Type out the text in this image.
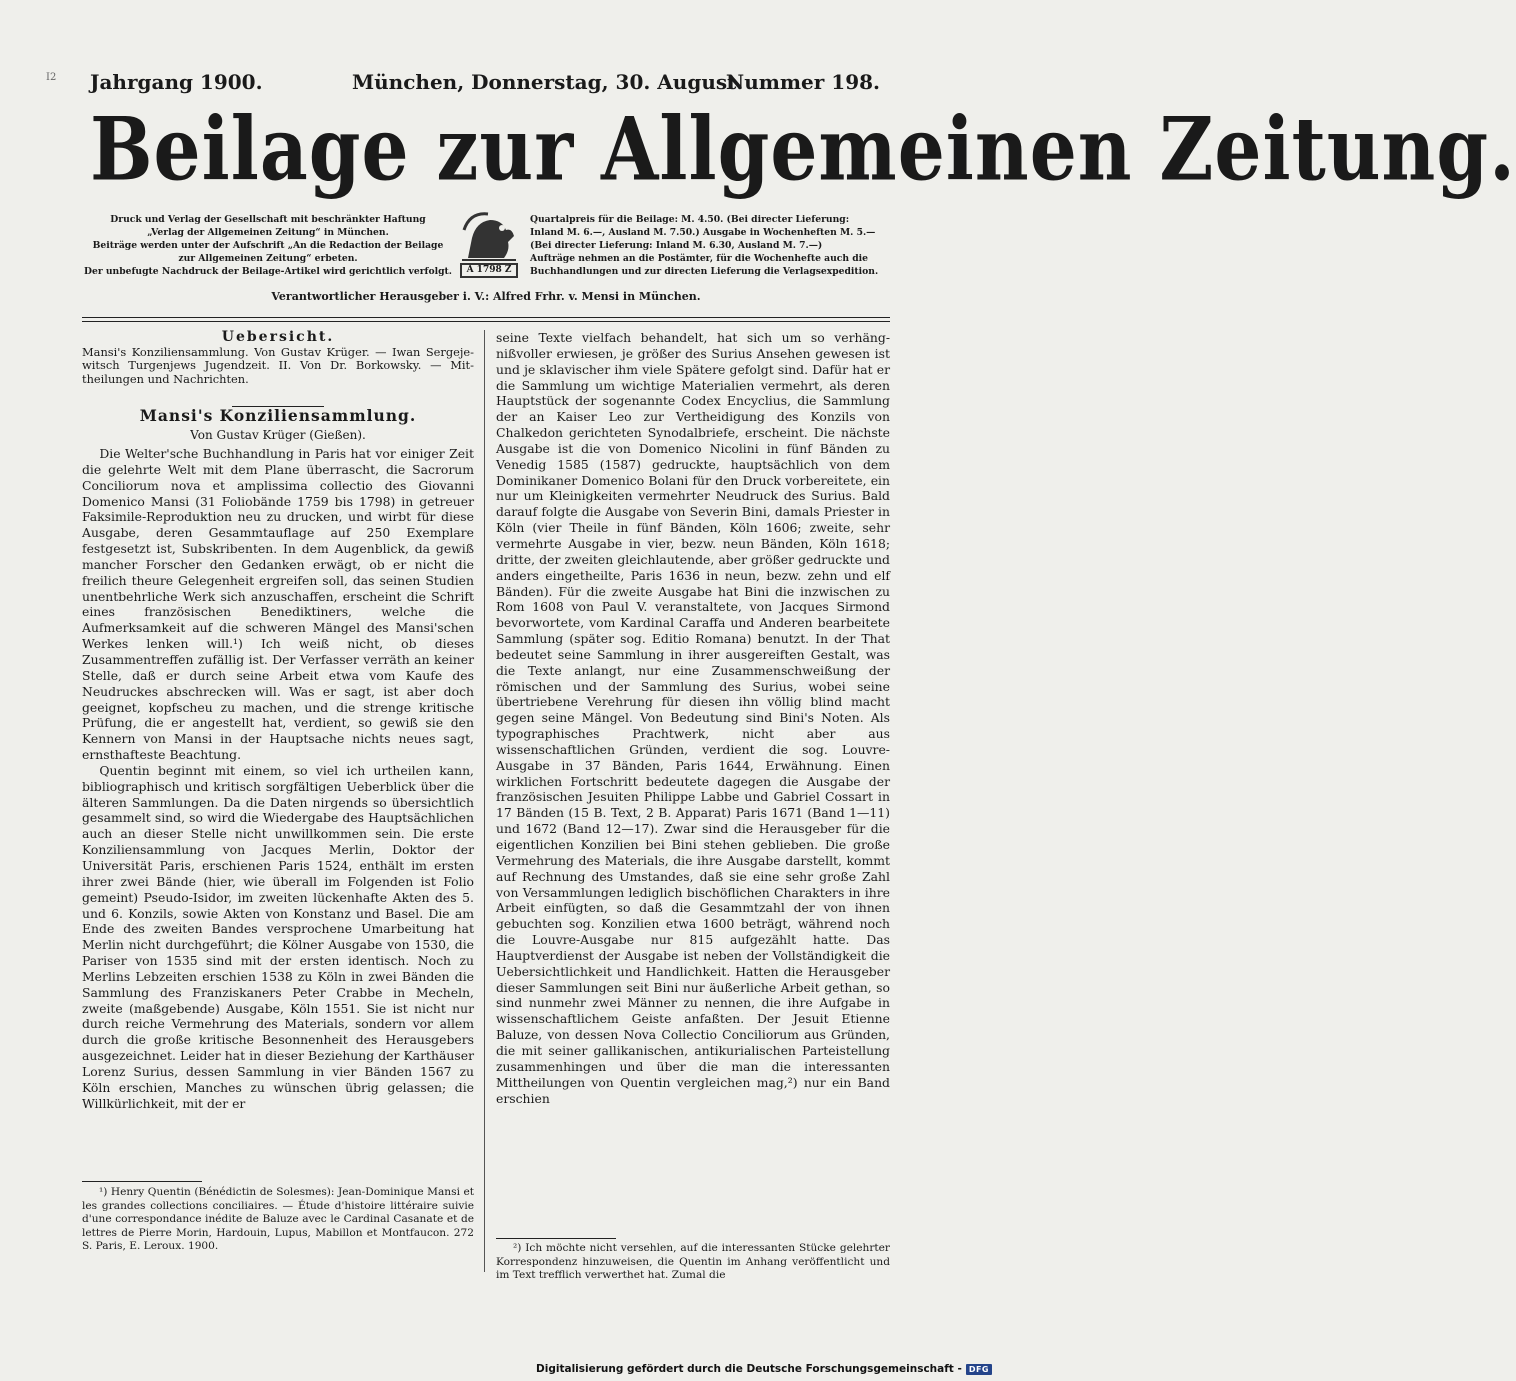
I2 Jahrgang 1900.	München, Donnerstag, 30. August.
Nummer 198.
Beilage zur Allgemeinen Zeitung.
Druck und Verlag der Gesellschaft mit beschränkter Haftung
„Verlag der Allgemeinen Zeitung“ in München.
Beiträge werden unter der Aufschrift „An die Redaction der Beilage
zur Allgemeinen Zeitung“ erbeten.
Der unbefugte Nachdruck der Beilage-Artikel wird gerichtlich verfolgt.	A 1798 Z
Quartalpreis für die Beilage: M. 4.50. (Bei directer Lieferung:
Inland M. 6.—, Ausland M. 7.50.) Ausgabe in Wochenheften M. 5.—
(Bei directer Lieferung: Inland M. 6.30, Ausland M. 7.—)
Aufträge nehmen an die Postämter, für die Wochenhefte auch die
Buchhandlungen und zur directen Lieferung die Verlagsexpedition.
Verantwortlicher Herausgeber i. V.: Alfred Frhr. v. Mensi in München.
Uebersicht.

Mansi's Konziliensammlung. Von Gustav Krüger. — Iwan Sergejewitsch Turgenjews Jugendzeit. II. Von Dr. Borkowsky. — Mittheilungen und Nachrichten.

Mansi's Konziliensammlung.
Von Gustav Krüger (Gießen).

Die Welter'sche Buchhandlung in Paris hat vor einiger Zeit die gelehrte Welt mit dem Plane überrascht, die Sacrorum Conciliorum nova et amplissima collectio des Giovanni Domenico Mansi (31 Foliobände 1759 bis 1798) in getreuer Faksimile-Reproduktion neu zu drucken, und wirbt für diese Ausgabe, deren Gesammtauflage auf 250 Exemplare festgesetzt ist, Subskribenten. In dem Augenblick, da gewiß mancher Forscher den Gedanken erwägt, ob er nicht die freilich theure Gelegenheit ergreifen soll, das seinen Studien unentbehrliche Werk sich anzuschaffen, erscheint die Schrift eines französischen Benediktiners, welche die Aufmerksamkeit auf die schweren Mängel des Mansi'schen Werkes lenken will.¹) Ich weiß nicht, ob dieses Zusammentreffen zufällig ist. Der Verfasser verräth an keiner Stelle, daß er durch seine Arbeit etwa vom Kaufe des Neudruckes abschrecken will. Was er sagt, ist aber doch geeignet, kopfscheu zu machen, und die strenge kritische Prüfung, die er angestellt hat, verdient, so gewiß sie den Kennern von Mansi in der Hauptsache nichts neues sagt, ernsthafteste Beachtung.

Quentin beginnt mit einem, so viel ich urtheilen kann, bibliographisch und kritisch sorgfältigen Ueberblick über die älteren Sammlungen. Da die Daten nirgends so übersichtlich gesammelt sind, so wird die Wiedergabe des Hauptsächlichen auch an dieser Stelle nicht unwillkommen sein. Die erste Konziliensammlung von Jacques Merlin, Doktor der Universität Paris, erschienen Paris 1524, enthält im ersten ihrer zwei Bände (hier, wie überall im Folgenden ist Folio gemeint) Pseudo-Isidor, im zweiten lückenhafte Akten des 5. und 6. Konzils, sowie Akten von Konstanz und Basel. Die am Ende des zweiten Bandes versprochene Umarbeitung hat Merlin nicht durchgeführt; die Kölner Ausgabe von 1530, die Pariser von 1535 sind mit der ersten identisch. Noch zu Merlins Lebzeiten erschien 1538 zu Köln in zwei Bänden die Sammlung des Franziskaners Peter Crabbe in Mecheln, zweite (maßgebende) Ausgabe, Köln 1551. Sie ist nicht nur durch reiche Vermehrung des Materials, sondern vor allem durch die große kritische Besonnenheit des Herausgebers ausgezeichnet. Leider hat in dieser Beziehung der Karthäuser Lorenz Surius, dessen Sammlung in vier Bänden 1567 zu Köln erschien, Manches zu wünschen übrig gelassen; die Willkürlichkeit, mit der er

¹) Henry Quentin (Bénédictin de Solesmes): Jean-Dominique Mansi et les grandes collections conciliaires. — Étude d'histoire littéraire suivie d'une correspondance inédite de Baluze avec le Cardinal Casanate et de lettres de Pierre Morin, Hardouin, Lupus, Mabillon et Montfaucon. 272 S. Paris, E. Leroux. 1900.

seine Texte vielfach behandelt, hat sich um so verhängnißvoller erwiesen, je größer des Surius Ansehen gewesen ist und je sklavischer ihm viele Spätere gefolgt sind. Dafür hat er die Sammlung um wichtige Materialien vermehrt, als deren Hauptstück der sogenannte Codex Encyclius, die Sammlung der an Kaiser Leo zur Vertheidigung des Konzils von Chalkedon gerichteten Synodalbriefe, erscheint. Die nächste Ausgabe ist die von Domenico Nicolini in fünf Bänden zu Venedig 1585 (1587) gedruckte, hauptsächlich von dem Dominikaner Domenico Bolani für den Druck vorbereitete, ein nur um Kleinigkeiten vermehrter Neudruck des Surius. Bald darauf folgte die Ausgabe von Severin Bini, damals Priester in Köln (vier Theile in fünf Bänden, Köln 1606; zweite, sehr vermehrte Ausgabe in vier, bezw. neun Bänden, Köln 1618; dritte, der zweiten gleichlautende, aber größer gedruckte und anders eingetheilte, Paris 1636 in neun, bezw. zehn und elf Bänden). Für die zweite Ausgabe hat Bini die inzwischen zu Rom 1608 von Paul V. veranstaltete, von Jacques Sirmond bevorwortete, vom Kardinal Caraffa und Anderen bearbeitete Sammlung (später sog. Editio Romana) benutzt. In der That bedeutet seine Sammlung in ihrer ausgereiften Gestalt, was die Texte anlangt, nur eine Zusammenschweißung der römischen und der Sammlung des Surius, wobei seine übertriebene Verehrung für diesen ihn völlig blind macht gegen seine Mängel. Von Bedeutung sind Bini's Noten. Als typographisches Prachtwerk, nicht aber aus wissenschaftlichen Gründen, verdient die sog. Louvre-Ausgabe in 37 Bänden, Paris 1644, Erwähnung. Einen wirklichen Fortschritt bedeutete dagegen die Ausgabe der französischen Jesuiten Philippe Labbe und Gabriel Cossart in 17 Bänden (15 B. Text, 2 B. Apparat) Paris 1671 (Band 1—11) und 1672 (Band 12—17). Zwar sind die Herausgeber für die eigentlichen Konzilien bei Bini stehen geblieben. Die große Vermehrung des Materials, die ihre Ausgabe darstellt, kommt auf Rechnung des Umstandes, daß sie eine sehr große Zahl von Versammlungen lediglich bischöflichen Charakters in ihre Arbeit einfügten, so daß die Gesammtzahl der von ihnen gebuchten sog. Konzilien etwa 1600 beträgt, während noch die Louvre-Ausgabe nur 815 aufgezählt hatte. Das Hauptverdienst der Ausgabe ist neben der Vollständigkeit die Uebersichtlichkeit und Handlichkeit. Hatten die Herausgeber dieser Sammlungen seit Bini nur äußerliche Arbeit gethan, so sind nunmehr zwei Männer zu nennen, die ihre Aufgabe in wissenschaftlichem Geiste anfaßten. Der Jesuit Etienne Baluze, von dessen Nova Collectio Conciliorum aus Gründen, die mit seiner gallikanischen, antikurialischen Parteistellung zusammenhingen und über die man die interessanten Mittheilungen von Quentin vergleichen mag,²) nur ein Band erschien

²) Ich möchte nicht versehlen, auf die interessanten Stücke gelehrter Korrespondenz hinzuweisen, die Quentin im Anhang veröffentlicht und im Text trefflich verwerthet hat. Zumal die

Digitalisierung gefördert durch die Deutsche Forschungsgemeinschaft - DFG
